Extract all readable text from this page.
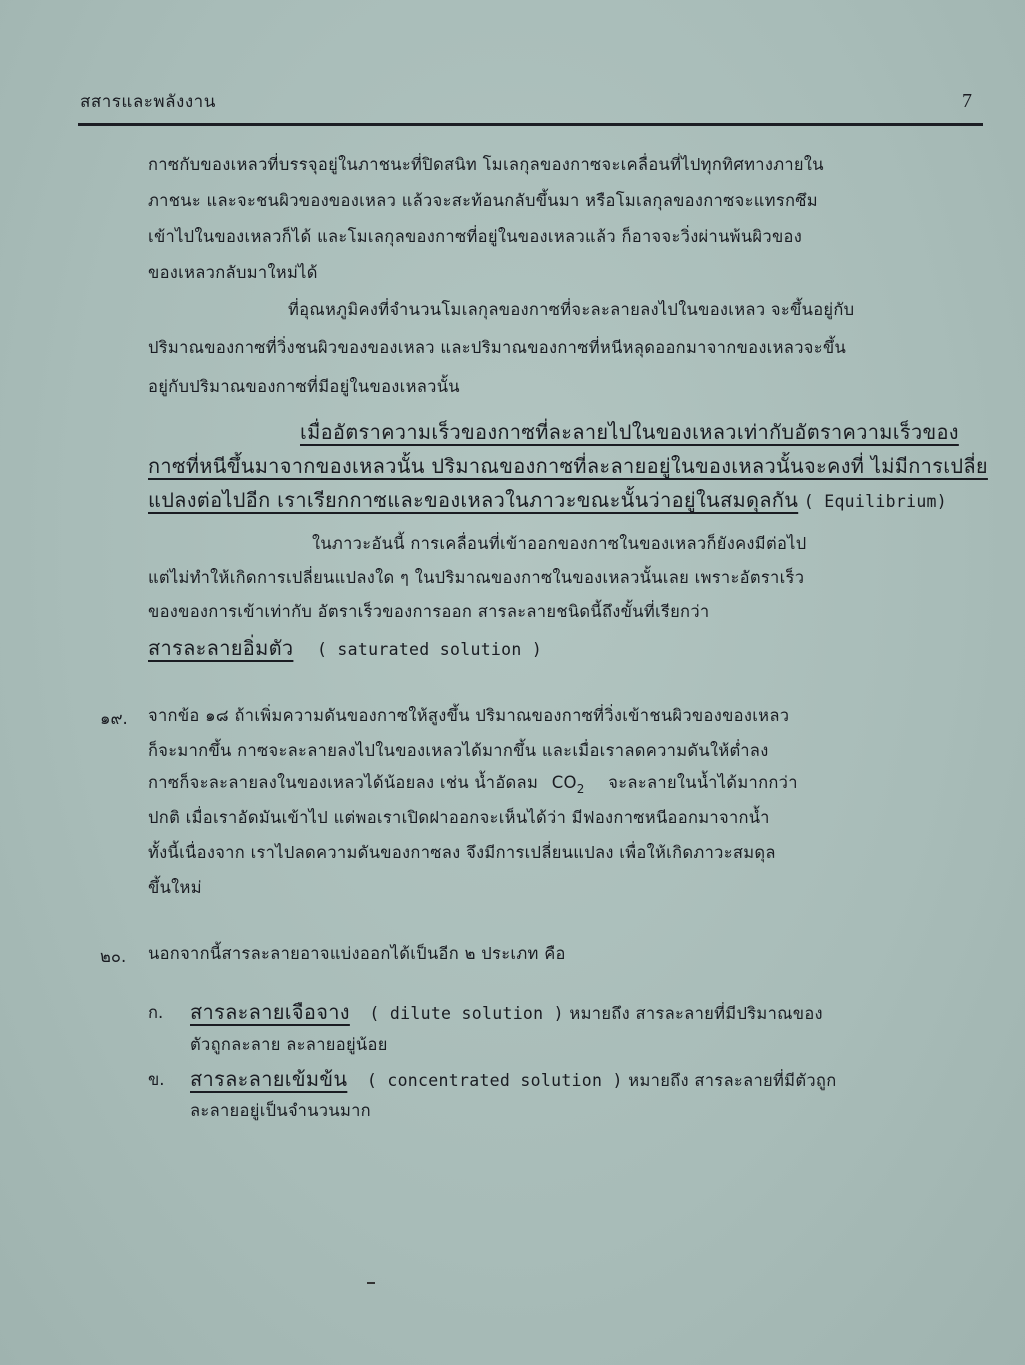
สสารและพลังงาน	7
กาซกับของเหลวที่บรรจุอยู่ในภาชนะที่ปิดสนิท โมเลกุลของกาซจะเคลื่อนที่ไปทุกทิศทางภายใน
ภาชนะ และจะชนผิวของของเหลว แล้วจะสะท้อนกลับขึ้นมา หรือโมเลกุลของกาซจะแทรกซึม
เข้าไปในของเหลวก็ได้ และโมเลกุลของกาซที่อยู่ในของเหลวแล้ว ก็อาจจะวิ่งผ่านพ้นผิวของ
ของเหลวกลับมาใหม่ได้
ที่อุณหภูมิคงที่จำนวนโมเลกุลของกาซที่จะละลายลงไปในของเหลว จะขึ้นอยู่กับ
ปริมาณของกาซที่วิ่งชนผิวของของเหลว และปริมาณของกาซที่หนีหลุดออกมาจากของเหลวจะขึ้น
อยู่กับปริมาณของกาซที่มีอยู่ในของเหลวนั้น
เมื่ออัตราความเร็วของกาซที่ละลายไปในของเหลวเท่ากับอัตราความเร็วของ
กาซที่หนีขึ้นมาจากของเหลวนั้น ปริมาณของกาซที่ละลายอยู่ในของเหลวนั้นจะคงที่ ไม่มีการเปลี่ย
แปลงต่อไปอีก เราเรียกกาซและของเหลวในภาวะขณะนั้นว่าอยู่ในสมดุลกัน ( Equilibrium)
ในภาวะอันนี้ การเคลื่อนที่เข้าออกของกาซในของเหลวก็ยังคงมีต่อไป
แต่ไม่ทำให้เกิดการเปลี่ยนแปลงใด ๆ ในปริมาณของกาซในของเหลวนั้นเลย เพราะอัตราเร็ว
ของของการเข้าเท่ากับ อัตราเร็วของการออก สารละลายชนิดนี้ถึงขั้นที่เรียกว่า
สารละลายอิ่มตัว ( saturated solution )
๑๙. จากข้อ ๑๘ ถ้าเพิ่มความดันของกาซให้สูงขึ้น ปริมาณของกาซที่วิ่งเข้าชนผิวของของเหลว
ก็จะมากขึ้น กาซจะละลายลงไปในของเหลวได้มากขึ้น และเมื่อเราลดความดันให้ต่ำลง
กาซก็จะละลายลงในของเหลวได้น้อยลง เช่น น้ำอัดลม $CO_2$ จะละลายในน้ำได้มากกว่า
ปกติ เมื่อเราอัดมันเข้าไป แต่พอเราเปิดฝาออกจะเห็นได้ว่า มีฟองกาซหนีออกมาจากน้ำ
ทั้งนี้เนื่องจาก เราไปลดความดันของกาซลง จึงมีการเปลี่ยนแปลง เพื่อให้เกิดภาวะสมดุล
ขึ้นใหม่
๒๐. นอกจากนี้สารละลายอาจแบ่งออกได้เป็นอีก ๒ ประเภท คือ
ก. สารละลายเจือจาง ( dilute solution ) หมายถึง สารละลายที่มีปริมาณของ
ตัวถูกละลาย ละลายอยู่น้อย
ข. สารละลายเข้มข้น ( concentrated solution ) หมายถึง สารละลายที่มีตัวถูก
ละลายอยู่เป็นจำนวนมาก
